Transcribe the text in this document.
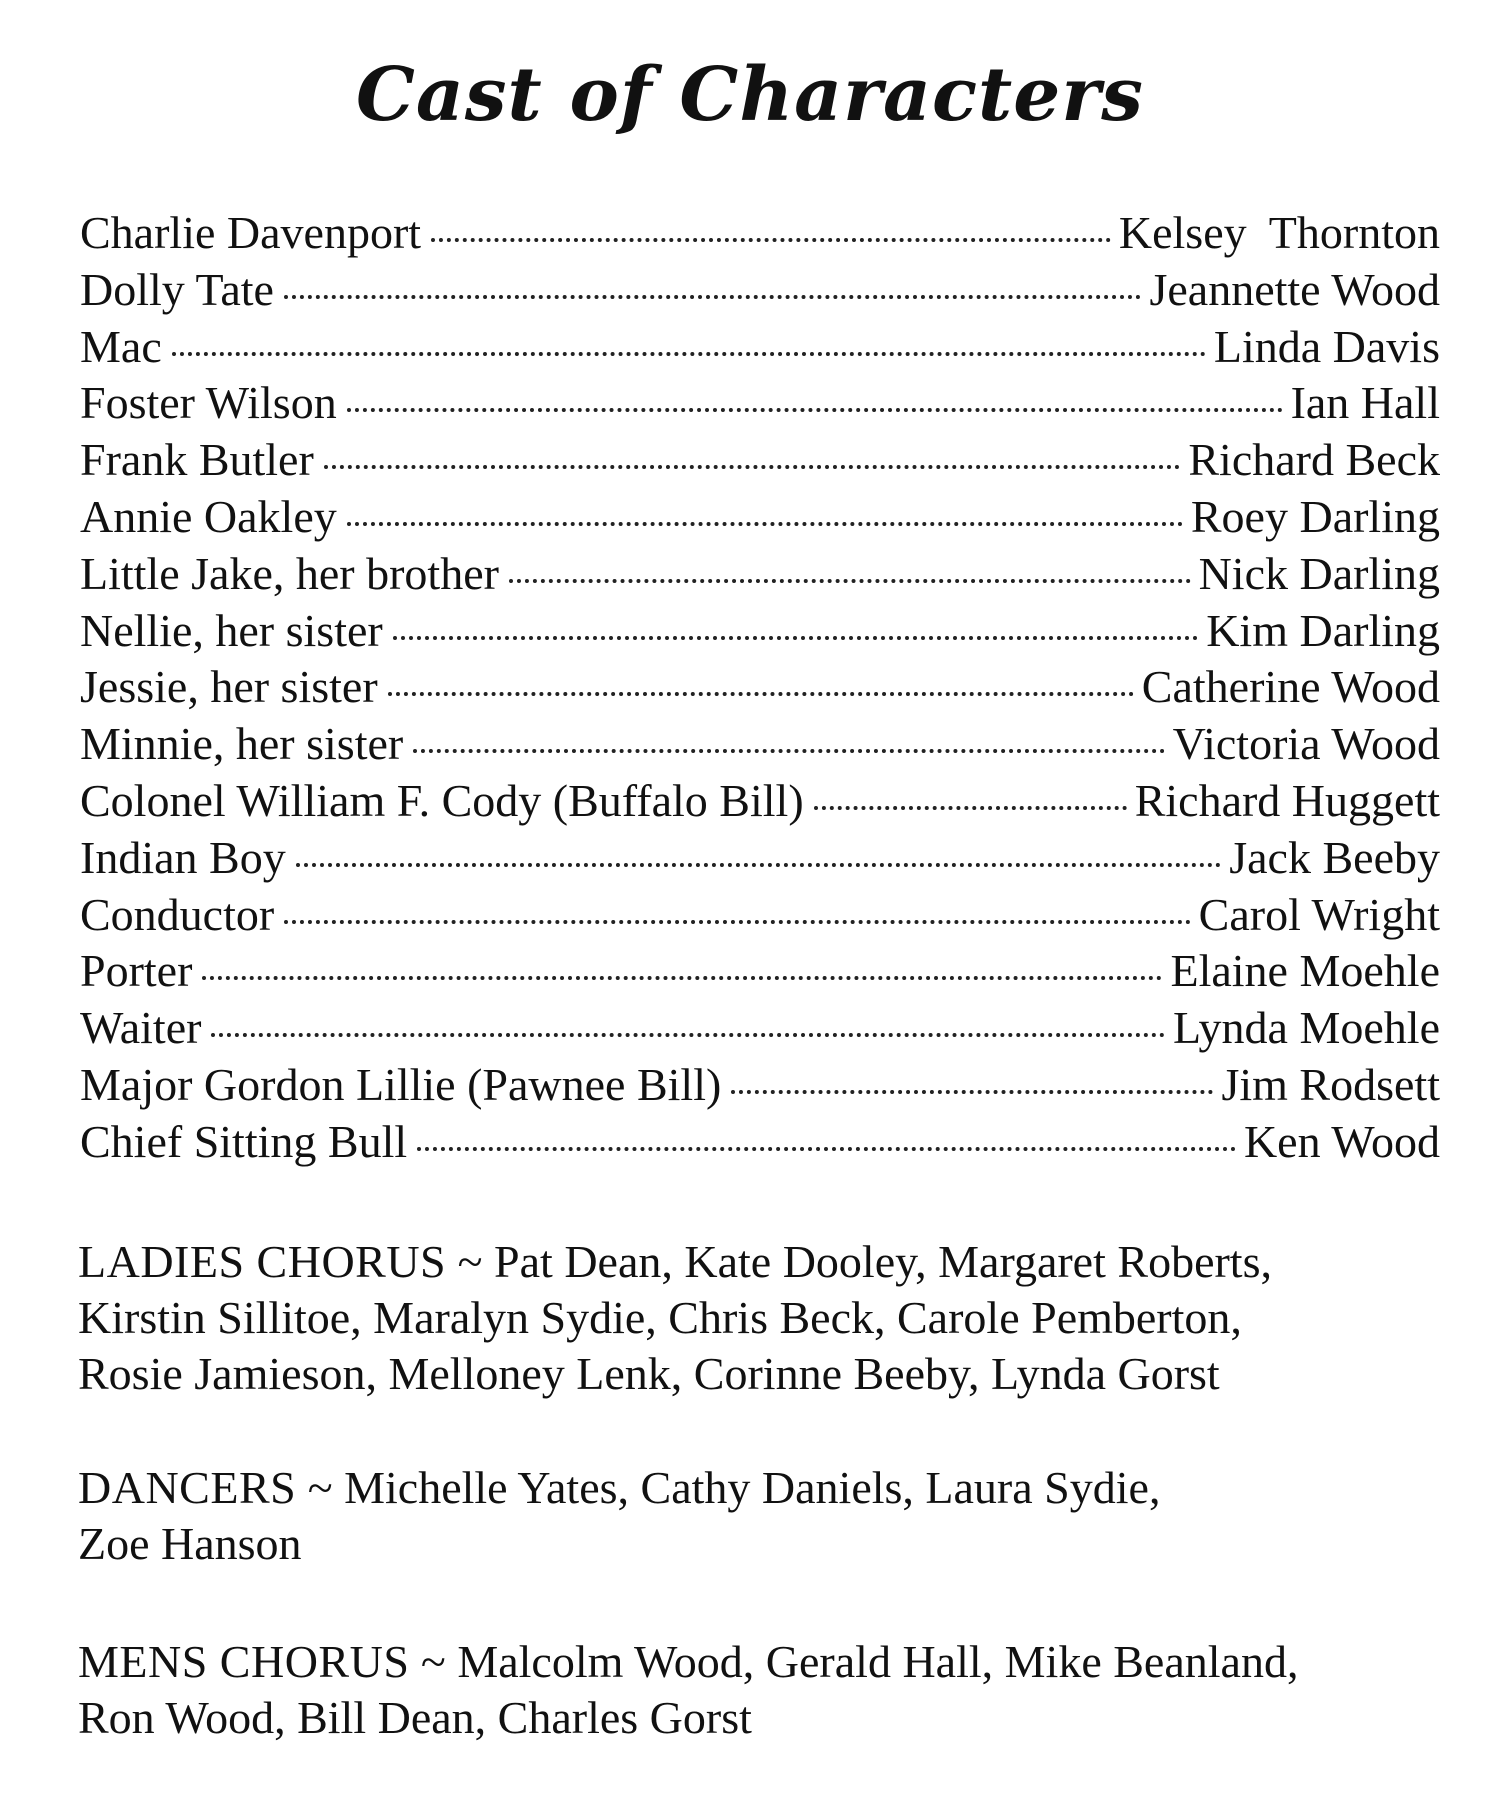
Cast of Characters
Charlie Davenport	Kelsey  Thornton
Dolly Tate	Jeannette Wood
Mac	Linda Davis
Foster Wilson	Ian Hall
Frank Butler	Richard Beck
Annie Oakley	Roey Darling
Little Jake, her brother	Nick Darling
Nellie, her sister	Kim Darling
Jessie, her sister	Catherine Wood
Minnie, her sister	Victoria Wood
Colonel William F. Cody (Buffalo Bill)	Richard Huggett
Indian Boy	Jack Beeby
Conductor	Carol Wright
Porter	Elaine Moehle
Waiter	Lynda Moehle
Major Gordon Lillie (Pawnee Bill)	Jim Rodsett
Chief Sitting Bull	Ken Wood
LADIES CHORUS ~ Pat Dean, Kate Dooley, Margaret Roberts,
Kirstin Sillitoe, Maralyn Sydie, Chris Beck, Carole Pemberton,
Rosie Jamieson, Melloney Lenk, Corinne Beeby, Lynda Gorst
DANCERS ~ Michelle Yates, Cathy Daniels, Laura Sydie,
Zoe Hanson
MENS CHORUS ~ Malcolm Wood, Gerald Hall, Mike Beanland,
Ron Wood, Bill Dean, Charles Gorst
